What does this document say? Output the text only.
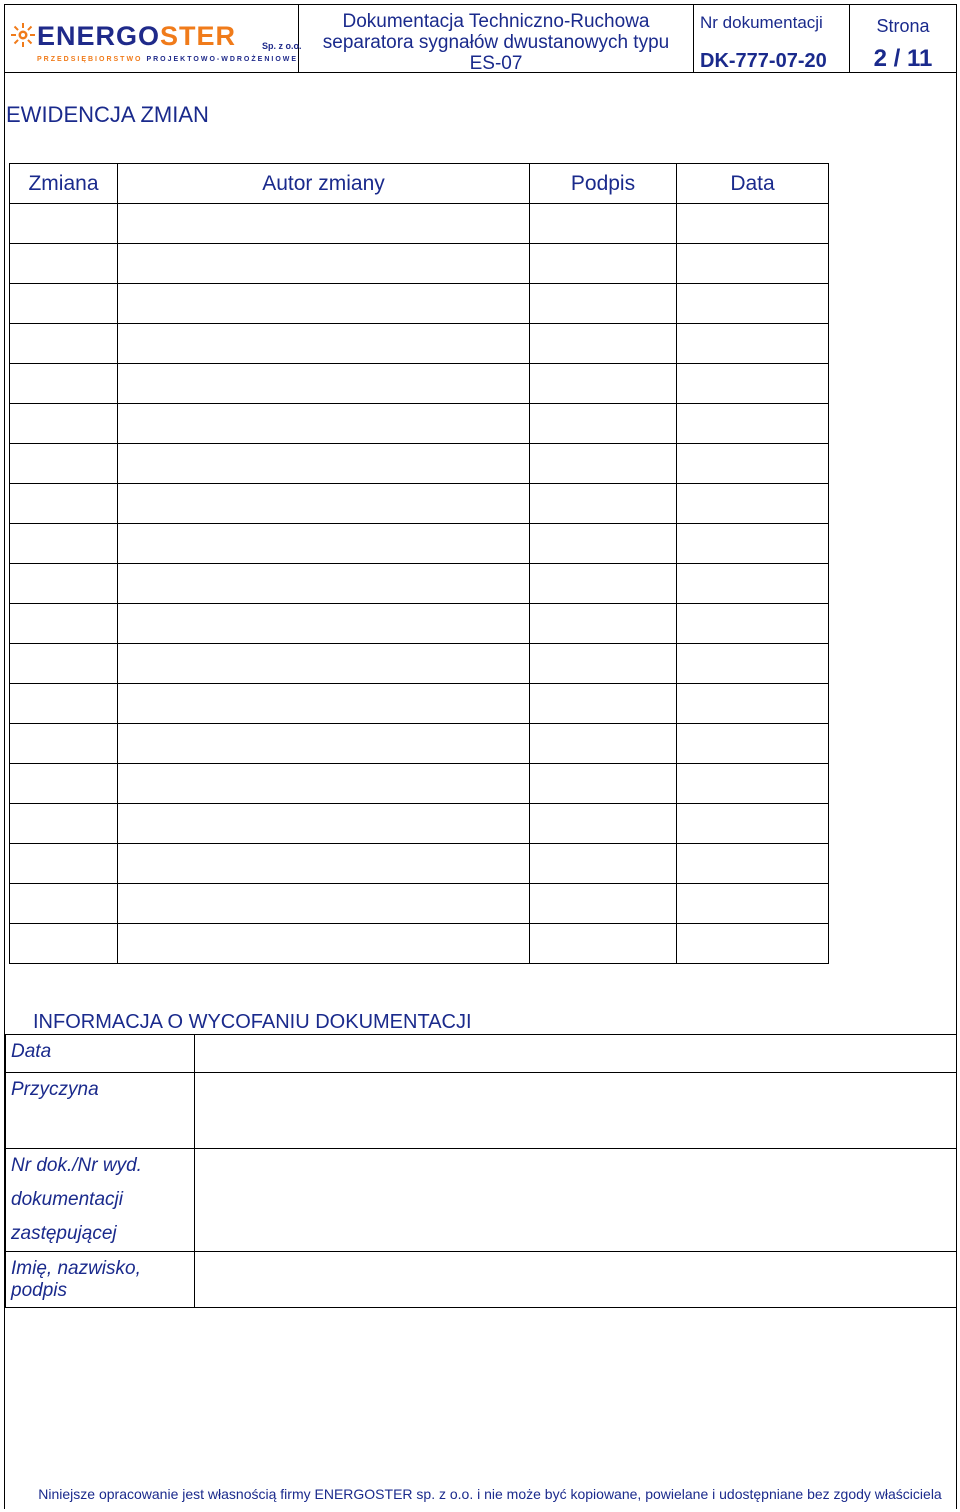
ENERGOSTER	Sp. z o.o.
PRZEDSIĘBIORSTWO PROJEKTOWO-WDROŻENIOWE
Dokumentacja Techniczno-Ruchowa
separatora sygnałów dwustanowych typu
ES-07
Nr dokumentacji
DK-777-07-20
Strona
2 / 11
EWIDENCJA ZMIAN
Zmiana	Autor zmiany	Podpis	Data

INFORMACJA O WYCOFANIU DOKUMENTACJI
Data	
Przyczyna	

Nr dok./Nr wyd.
dokumentacji
zastępującej	

Imię, nazwisko,
podpis	

Niniejsze opracowanie jest własnością firmy ENERGOSTER sp. z o.o. i nie może być kopiowane, powielane i udostępniane bez zgody właściciela
